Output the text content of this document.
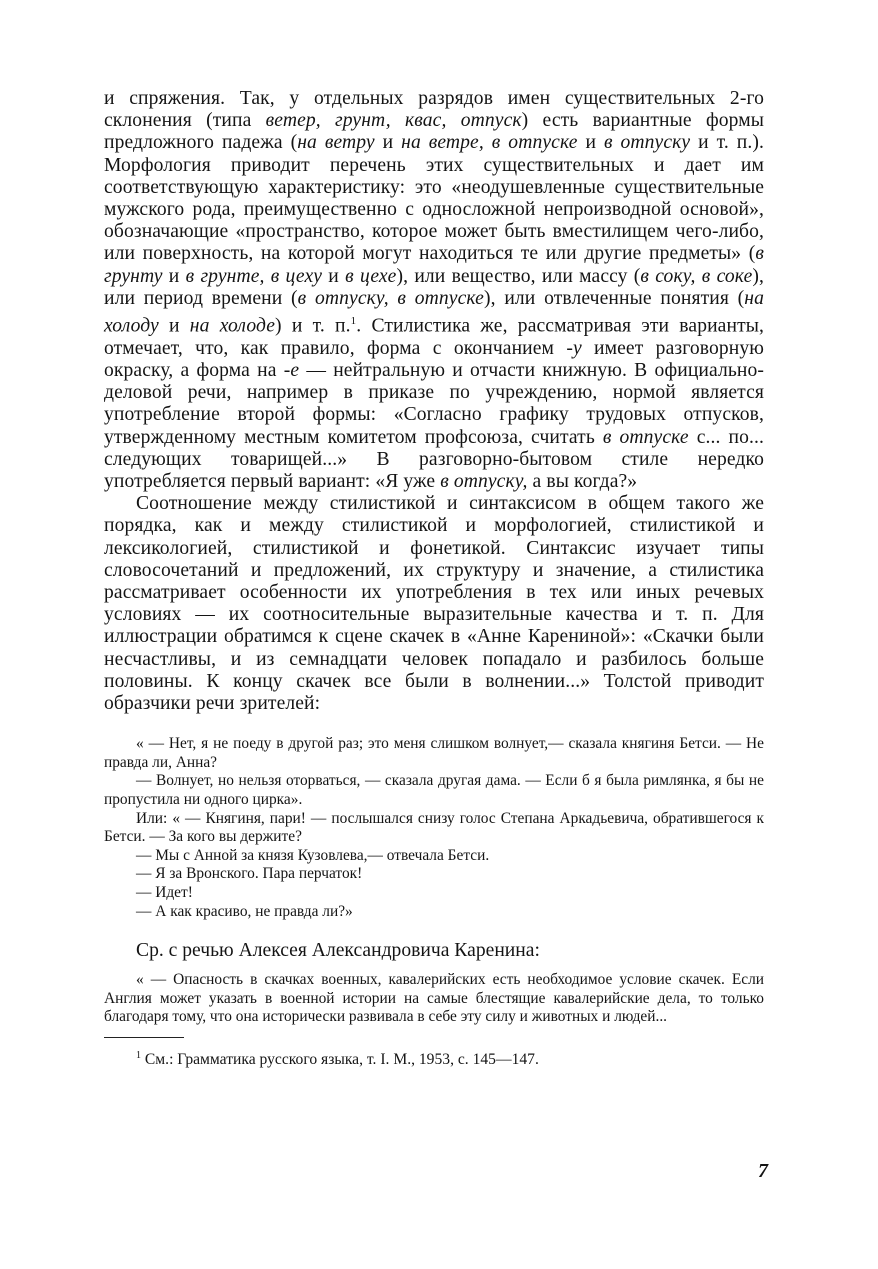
и спряжения. Так, у отдельных разрядов имен существительных 2-го склонения (типа ветер, грунт, квас, отпуск) есть вариантные формы предложного падежа (на ветру и на ветре, в отпуске и в отпуску и т. п.). Морфология приводит перечень этих существительных и дает им соответствующую характеристику: это «неодушевленные существительные мужского рода, преимущественно с односложной непроизводной основой», обозначающие «пространство, которое может быть вместилищем чего-либо, или поверхность, на которой могут находиться те или другие предметы» (в грунту и в грунте, в цеху и в цехе), или вещество, или массу (в соку, в соке), или период времени (в отпуску, в отпуске), или отвлеченные понятия (на холоду и на холоде) и т. п.$^1$. Стилистика же, рассматривая эти варианты, отмечает, что, как правило, форма с окончанием -у имеет разговорную окраску, а форма на -е — нейтральную и отчасти книжную. В официально-деловой речи, например в приказе по учреждению, нормой является употребление второй формы: «Согласно графику трудовых отпусков, утвержденному местным комитетом профсоюза, считать в отпуске с... по... следующих товарищей...» В разговорно-бытовом стиле нередко употребляется первый вариант: «Я уже в отпуску, а вы когда?»

Соотношение между стилистикой и синтаксисом в общем такого же порядка, как и между стилистикой и морфологией, стилистикой и лексикологией, стилистикой и фонетикой. Синтаксис изучает типы словосочетаний и предложений, их структуру и значение, а стилистика рассматривает особенности их употребления в тех или иных речевых условиях — их соотносительные выразительные качества и т. п. Для иллюстрации обратимся к сцене скачек в «Анне Карениной»: «Скачки были несчастливы, и из семнадцати человек попадало и разбилось больше половины. К концу скачек все были в волнении...» Толстой приводит образчики речи зрителей:

« — Нет, я не поеду в другой раз; это меня слишком волнует,— сказала княгиня Бетси. — Не правда ли, Анна?

— Волнует, но нельзя оторваться, — сказала другая дама. — Если б я была римлянка, я бы не пропустила ни одного цирка».

Или: « — Княгиня, пари! — послышался снизу голос Степана Аркадьевича, обратившегося к Бетси. — За кого вы держите?

— Мы с Анной за князя Кузовлева,— отвечала Бетси.

— Я за Вронского. Пара перчаток!

— Идет!

— А как красиво, не правда ли?»

Ср. с речью Алексея Александровича Каренина:

« — Опасность в скачках военных, кавалерийских есть необходимое условие скачек. Если Англия может указать в военной истории на самые блестящие кавалерийские дела, то только благодаря тому, что она исторически развивала в себе эту силу и животных и людей...

$^1$ См.: Грамматика русского языка, т. I. М., 1953, с. 145—147.

7
